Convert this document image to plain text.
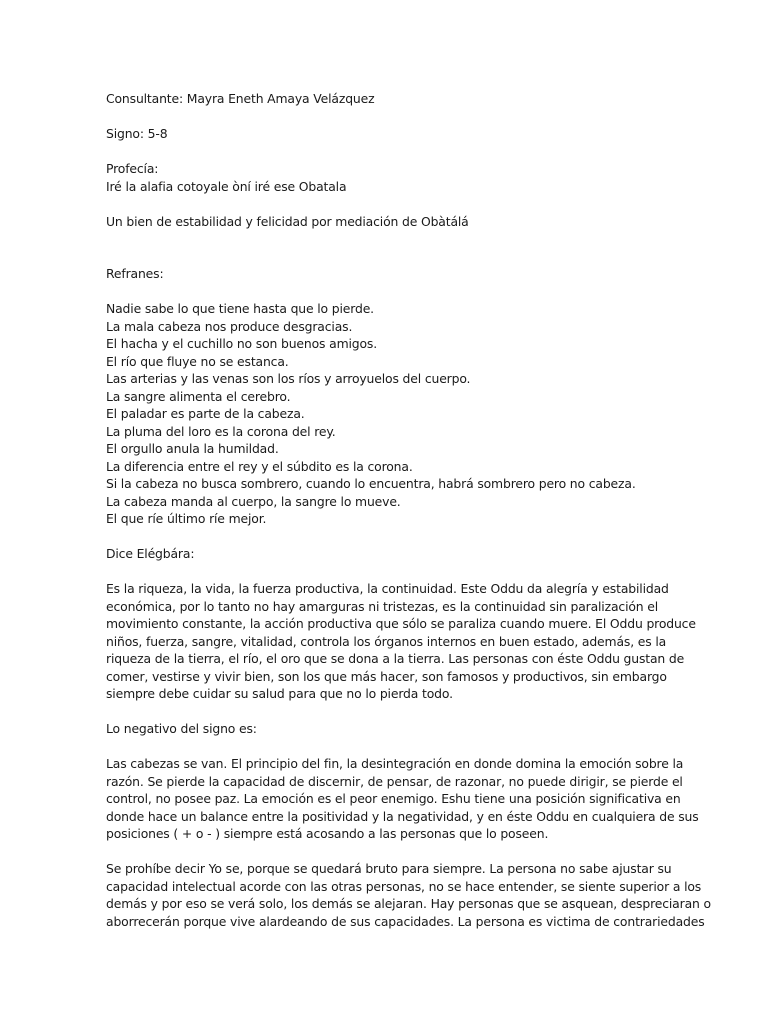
Consultante: Mayra Eneth Amaya Velázquez

Signo: 5-8

Profecía:
Iré la alafia cotoyale òní iré ese Obatala

Un bien de estabilidad y felicidad por mediación de Obàtálá

Refranes:

Nadie sabe lo que tiene hasta que lo pierde.
La mala cabeza nos produce desgracias.
El hacha y el cuchillo no son buenos amigos.
El río que fluye no se estanca.
Las arterias y las venas son los ríos y arroyuelos del cuerpo.
La sangre alimenta el cerebro.
El paladar es parte de la cabeza.
La pluma del loro es la corona del rey.
El orgullo anula la humildad.
La diferencia entre el rey y el súbdito es la corona.
Si la cabeza no busca sombrero, cuando lo encuentra, habrá sombrero pero no cabeza.
La cabeza manda al cuerpo, la sangre lo mueve.
El que ríe último ríe mejor.

Dice Elégbára:

Es la riqueza, la vida, la fuerza productiva, la continuidad. Este Oddu da alegría y estabilidad
económica, por lo tanto no hay amarguras ni tristezas, es la continuidad sin paralización el
movimiento constante, la acción productiva que sólo se paraliza cuando muere. El Oddu produce
niños, fuerza, sangre, vitalidad, controla los órganos internos en buen estado, además, es la
riqueza de la tierra, el río, el oro que se dona a la tierra. Las personas con éste Oddu gustan de
comer, vestirse y vivir bien, son los que más hacer, son famosos y productivos, sin embargo
siempre debe cuidar su salud para que no lo pierda todo.

Lo negativo del signo es:

Las cabezas se van. El principio del fin, la desintegración en donde domina la emoción sobre la
razón. Se pierde la capacidad de discernir, de pensar, de razonar, no puede dirigir, se pierde el
control, no posee paz. La emoción es el peor enemigo. Eshu tiene una posición significativa en
donde hace un balance entre la positividad y la negatividad, y en éste Oddu en cualquiera de sus
posiciones ( + o - ) siempre está acosando a las personas que lo poseen.
Se prohíbe decir Yo se, porque se quedará bruto para siempre. La persona no sabe ajustar su
capacidad intelectual acorde con las otras personas, no se hace entender, se siente superior a los
demás y por eso se verá solo, los demás se alejaran. Hay personas que se asquean, despreciaran o
aborrecerán porque vive alardeando de sus capacidades. La persona es victima de contrariedades
